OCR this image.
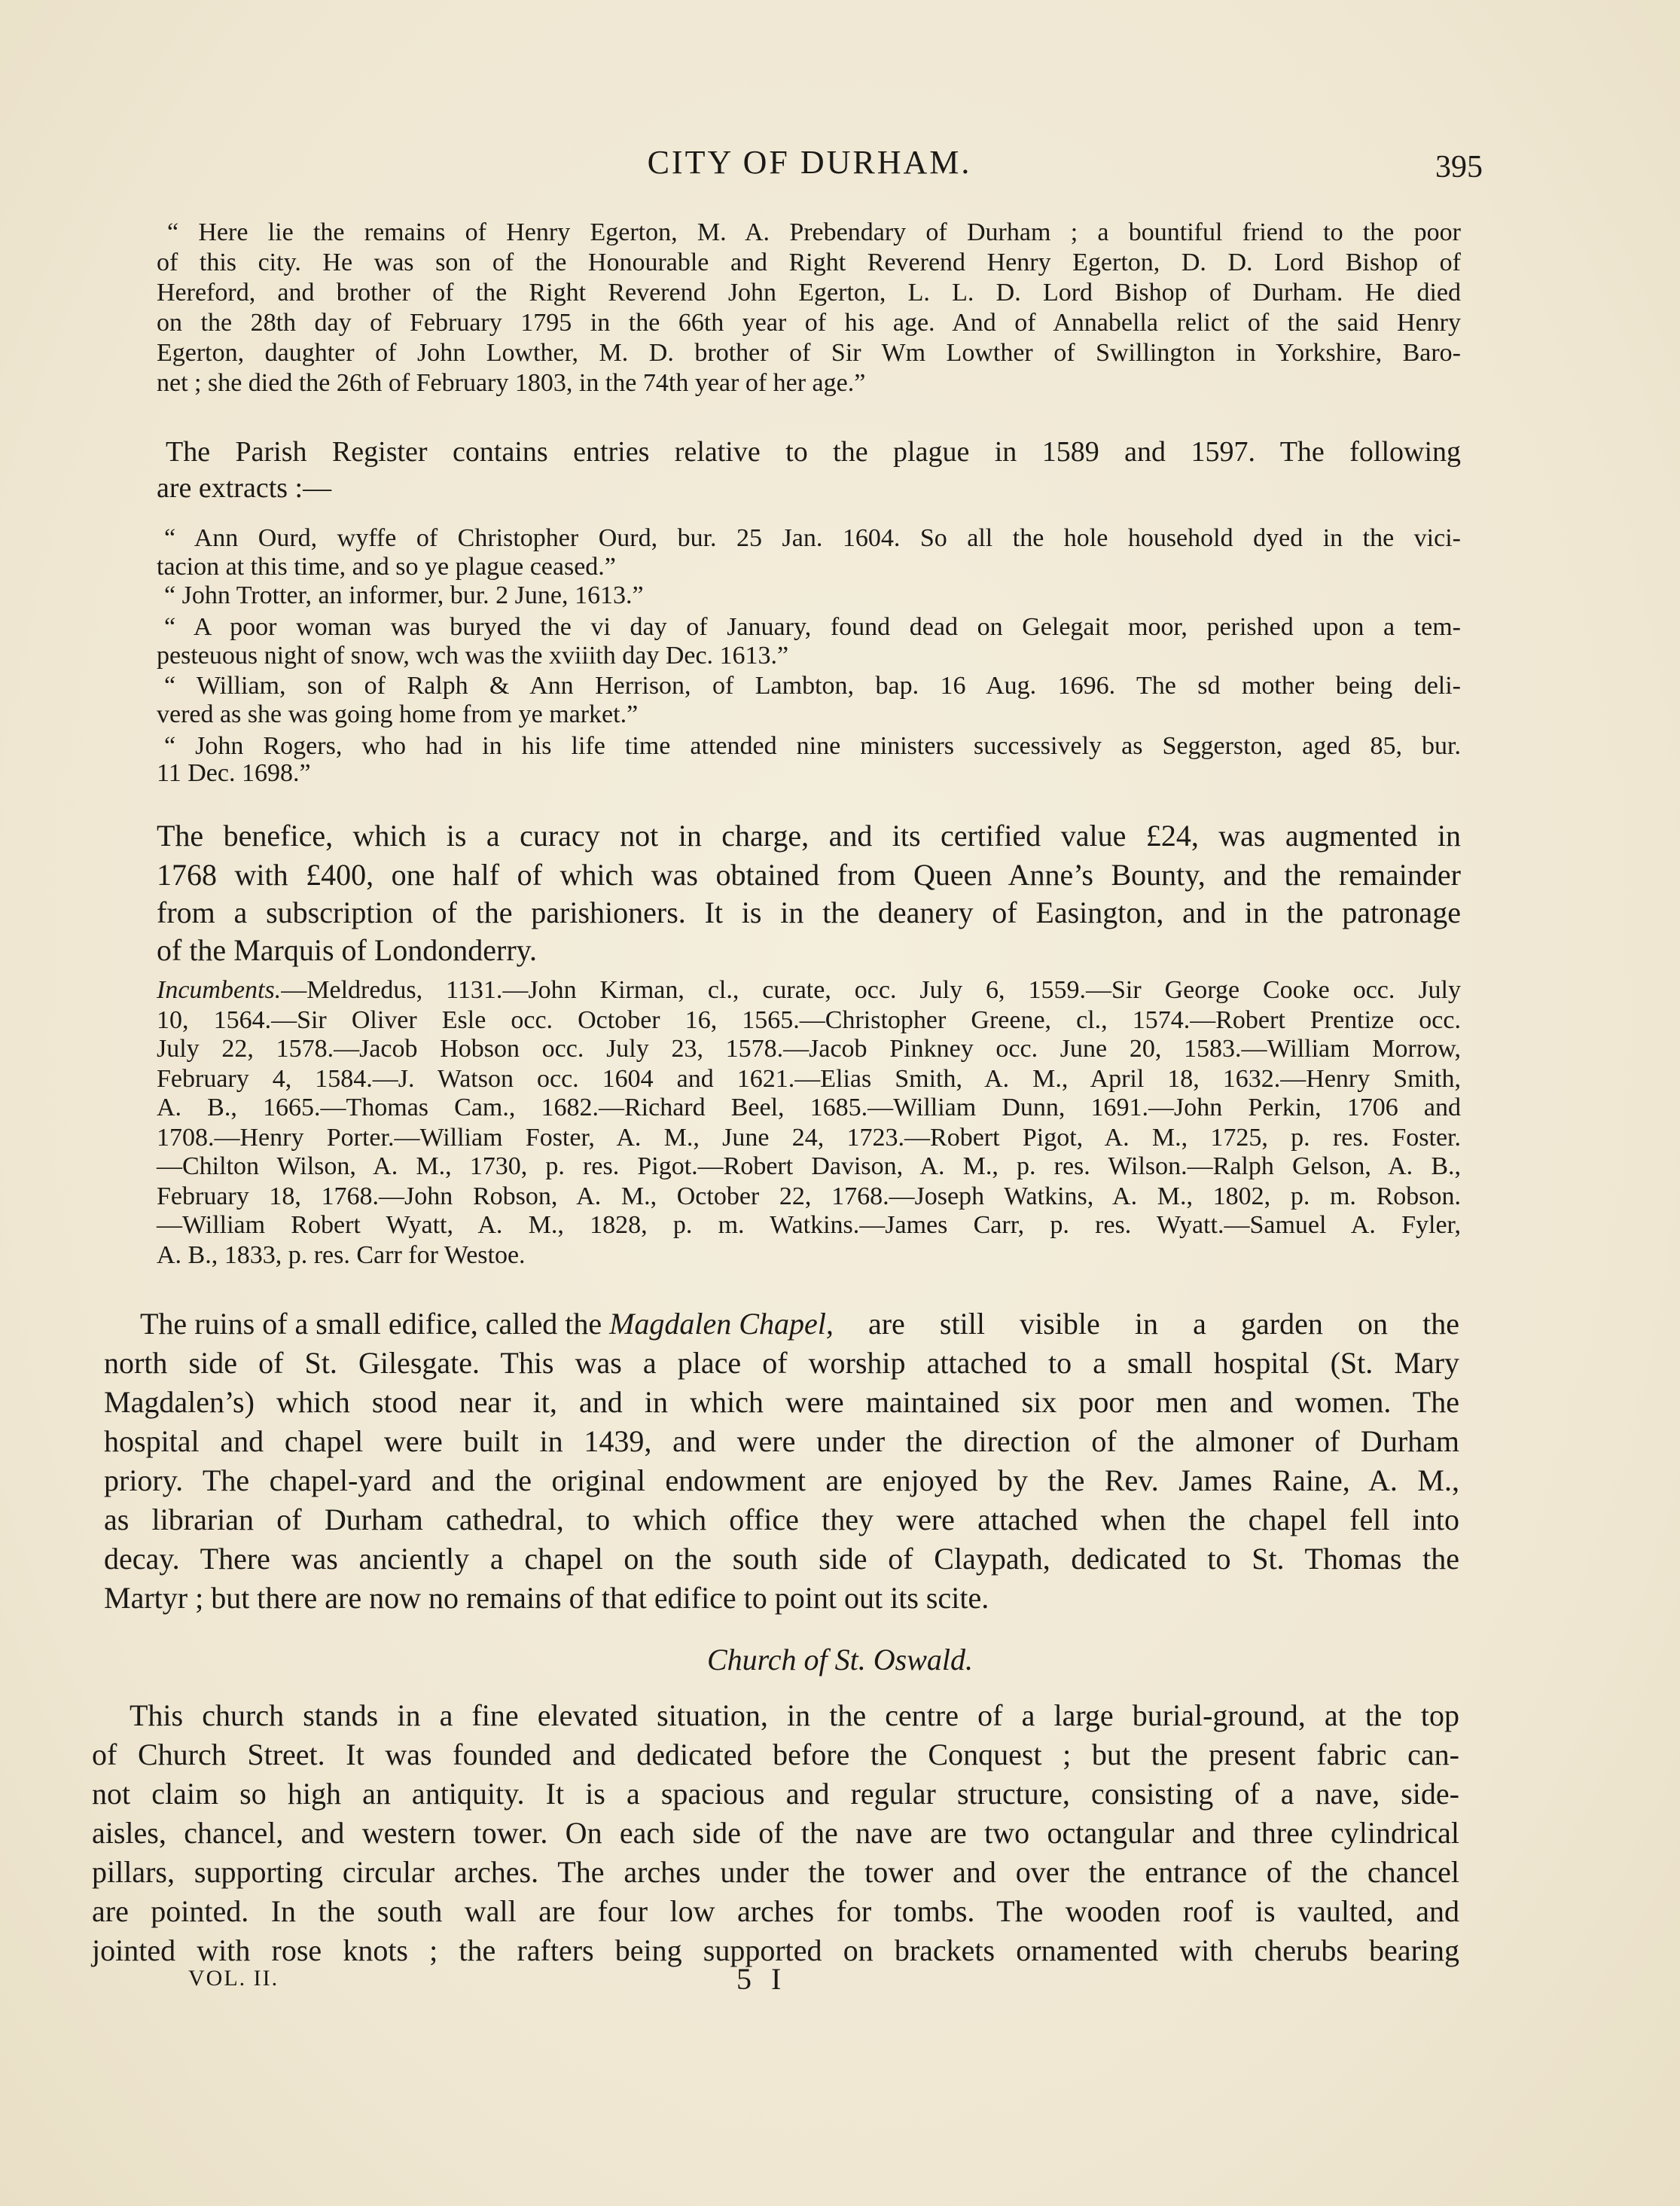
CITY OF DURHAM.	395
“ Here lie the remains of Henry Egerton, M. A. Prebendary of Durham ; a bountiful friend to the poor
of this city. He was son of the Honourable and Right Reverend Henry Egerton, D. D. Lord Bishop of
Hereford, and brother of the Right Reverend John Egerton, L. L. D. Lord Bishop of Durham. He died
on the 28th day of February 1795 in the 66th year of his age. And of Annabella relict of the said Henry
Egerton, daughter of John Lowther, M. D. brother of Sir Wm Lowther of Swillington in Yorkshire, Baro-
net ; she died the 26th of February 1803, in the 74th year of her age.”
The Parish Register contains entries relative to the plague in 1589 and 1597. The following
are extracts :—
“ Ann Ourd, wyffe of Christopher Ourd, bur. 25 Jan. 1604. So all the hole household dyed in the vici-
tacion at this time, and so ye plague ceased.”
“ John Trotter, an informer, bur. 2 June, 1613.”
“ A poor woman was buryed the vi day of January, found dead on Gelegait moor, perished upon a tem-
pesteuous night of snow, wch was the xviiith day Dec. 1613.”
“ William, son of Ralph & Ann Herrison, of Lambton, bap. 16 Aug. 1696. The sd mother being deli-
vered as she was going home from ye market.”
“ John Rogers, who had in his life time attended nine ministers successively as Seggerston, aged 85, bur.
11 Dec. 1698.”
The benefice, which is a curacy not in charge, and its certified value £24, was augmented in
1768 with £400, one half of which was obtained from Queen Anne’s Bounty, and the remainder
from a subscription of the parishioners. It is in the deanery of Easington, and in the patronage
of the Marquis of Londonderry.
Incumbents. —Meldredus, 1131.—John Kirman, cl., curate, occ. July 6, 1559.—Sir George Cooke occ. July
10, 1564.—Sir Oliver Esle occ. October 16, 1565.—Christopher Greene, cl., 1574.—Robert Prentize occ.
July 22, 1578.—Jacob Hobson occ. July 23, 1578.—Jacob Pinkney occ. June 20, 1583.—William Morrow,
February 4, 1584.—J. Watson occ. 1604 and 1621.—Elias Smith, A. M., April 18, 1632.—Henry Smith,
A. B., 1665.—Thomas Cam., 1682.—Richard Beel, 1685.—William Dunn, 1691.—John Perkin, 1706 and
1708.—Henry Porter.—William Foster, A. M., June 24, 1723.—Robert Pigot, A. M., 1725, p. res. Foster.
—Chilton Wilson, A. M., 1730, p. res. Pigot.—Robert Davison, A. M., p. res. Wilson.—Ralph Gelson, A. B.,
February 18, 1768.—John Robson, A. M., October 22, 1768.—Joseph Watkins, A. M., 1802, p. m. Robson.
—William Robert Wyatt, A. M., 1828, p. m. Watkins.—James Carr, p. res. Wyatt.—Samuel A. Fyler,
A. B., 1833, p. res. Carr for Westoe.
The ruins of a small edifice, called the Magdalen Chapel, are still visible in a garden on the
north side of St. Gilesgate. This was a place of worship attached to a small hospital (St. Mary
Magdalen’s) which stood near it, and in which were maintained six poor men and women. The
hospital and chapel were built in 1439, and were under the direction of the almoner of Durham
priory. The chapel-yard and the original endowment are enjoyed by the Rev. James Raine, A. M.,
as librarian of Durham cathedral, to which office they were attached when the chapel fell into
decay. There was anciently a chapel on the south side of Claypath, dedicated to St. Thomas the
Martyr ; but there are now no remains of that edifice to point out its scite.
Church of St. Oswald.
This church stands in a fine elevated situation, in the centre of a large burial-ground, at the top
of Church Street. It was founded and dedicated before the Conquest ; but the present fabric can-
not claim so high an antiquity. It is a spacious and regular structure, consisting of a nave, side-
aisles, chancel, and western tower. On each side of the nave are two octangular and three cylindrical
pillars, supporting circular arches. The arches under the tower and over the entrance of the chancel
are pointed. In the south wall are four low arches for tombs. The wooden roof is vaulted, and
jointed with rose knots ; the rafters being supported on brackets ornamented with cherubs bearing
VOL. II.	5 I
